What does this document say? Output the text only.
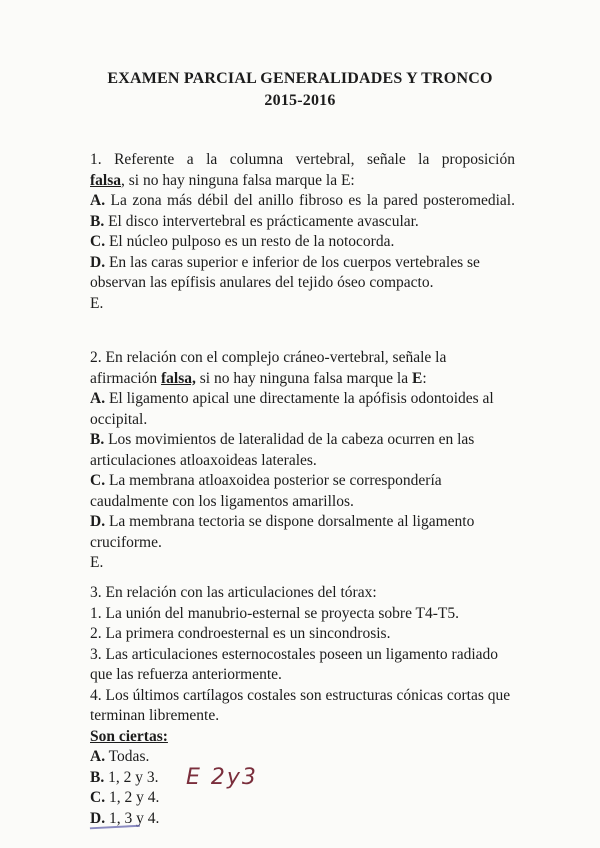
EXAMEN PARCIAL GENERALIDADES Y TRONCO
2015-2016

1. Referente a la columna vertebral, señale la proposición

falsa, si no hay ninguna falsa marque la E:

A. La zona más débil del anillo fibroso es la pared posteromedial.

B. El disco intervertebral es prácticamente avascular.

C. El núcleo pulposo es un resto de la notocorda.

D. En las caras superior e inferior de los cuerpos vertebrales se observan las epífisis anulares del tejido óseo compacto.

E.

2. En relación con el complejo cráneo-vertebral, señale la afirmación falsa, si no hay ninguna falsa marque la E:

A. El ligamento apical une directamente la apófisis odontoides al occipital.

B. Los movimientos de lateralidad de la cabeza ocurren en las articulaciones atloaxoideas laterales.

C. La membrana atloaxoidea posterior se correspondería caudalmente con los ligamentos amarillos.

D. La membrana tectoria se dispone dorsalmente al ligamento cruciforme.

E.

3. En relación con las articulaciones del tórax:

1. La unión del manubrio-esternal se proyecta sobre T4-T5.

2. La primera condroesternal es un sincondrosis.

3. Las articulaciones esternocostales poseen un ligamento radiado que las refuerza anteriormente.

4. Los últimos cartílagos costales son estructuras cónicas cortas que terminan libremente.

Son ciertas:

A. Todas.

B. 1, 2 y 3.

C. 1, 2 y 4.

D. 1, 3 y 4.

E 2y3
